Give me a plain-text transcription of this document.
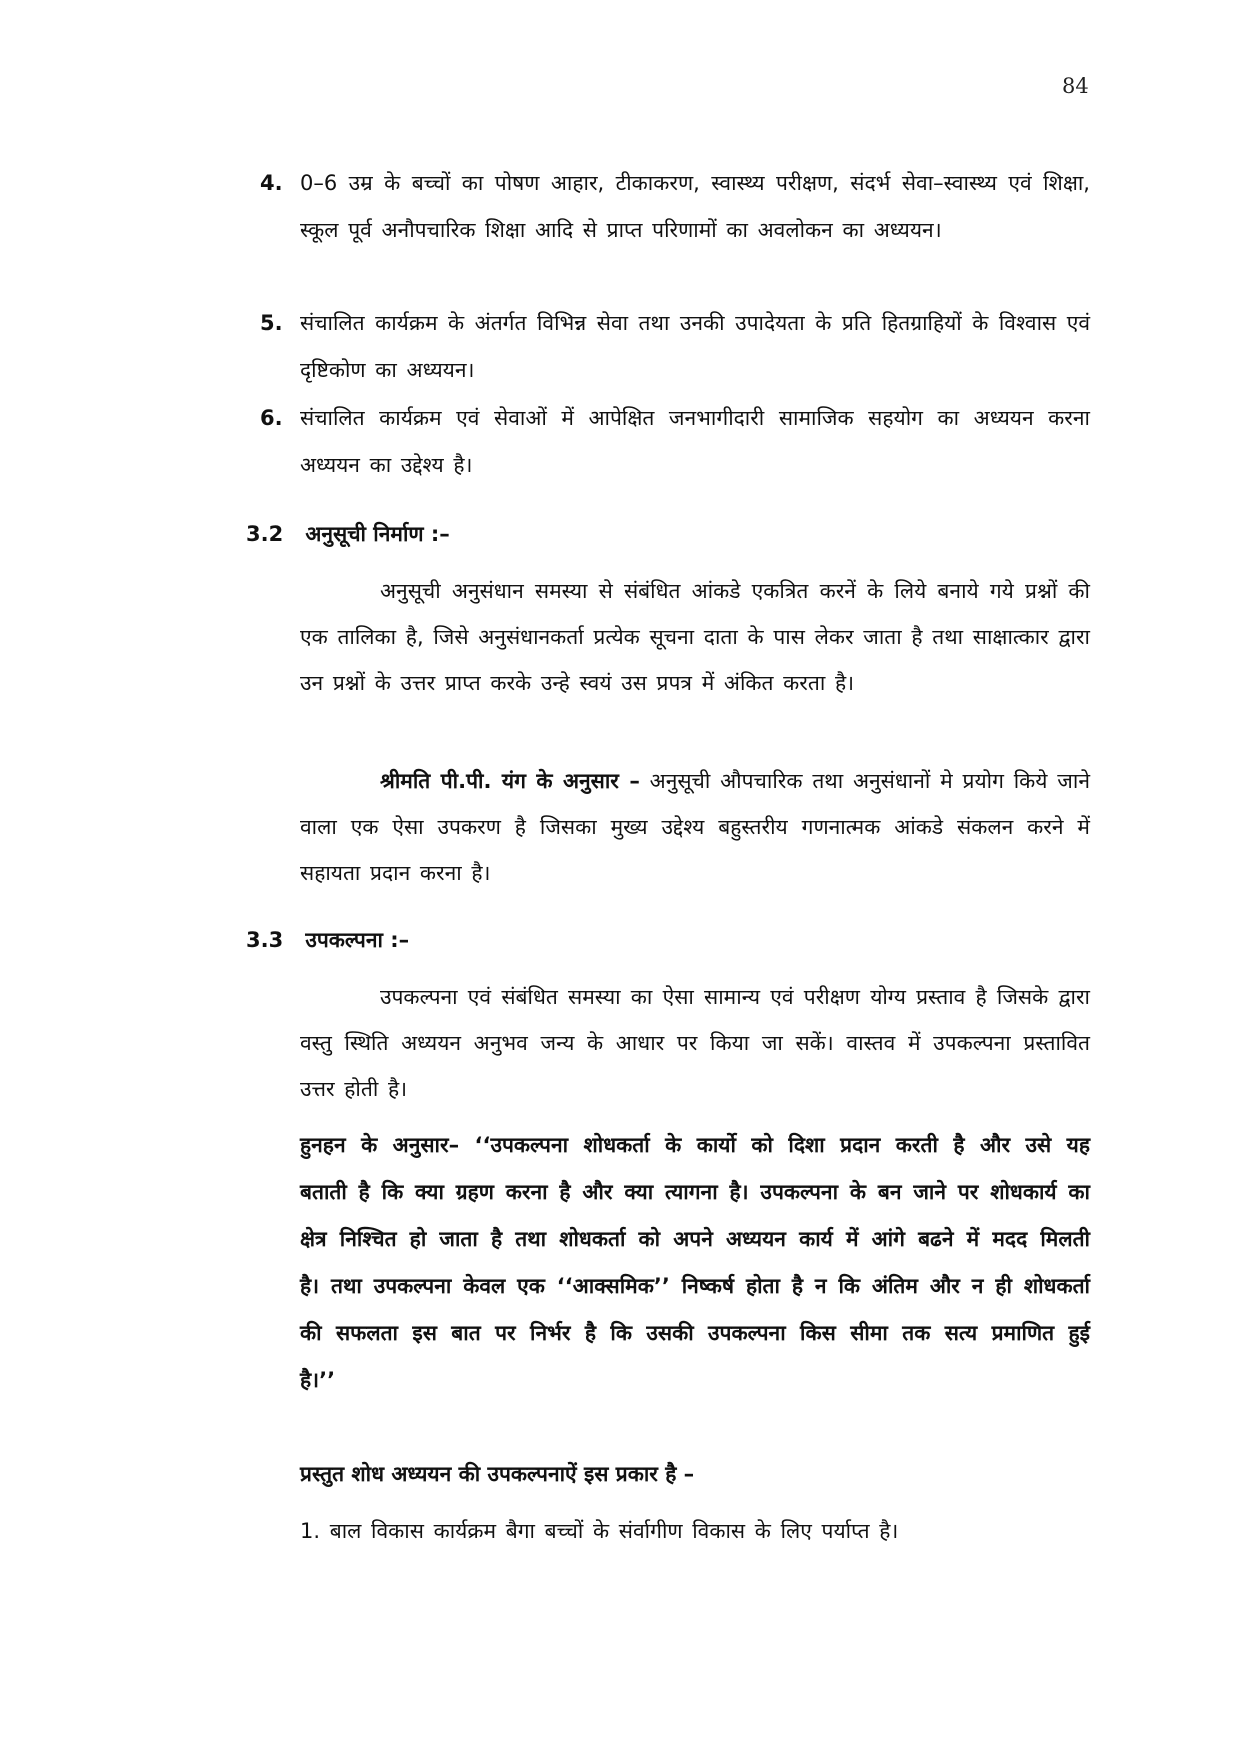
84
4. 0–6 उम्र के बच्चों का पोषण आहार, टीकाकरण, स्वास्थ्य परीक्षण, संदर्भ सेवा–स्वास्थ्य एवं शिक्षा, स्कूल पूर्व अनौपचारिक शिक्षा आदि से प्राप्त परिणामों का अवलोकन का अध्ययन।
5. संचालित कार्यक्रम के अंतर्गत विभिन्न सेवा तथा उनकी उपादेयता के प्रति हितग्राहियों के विश्वास एवं दृष्टिकोण का अध्ययन।
6. संचालित कार्यक्रम एवं सेवाओं में आपेक्षित जनभागीदारी सामाजिक सहयोग का अध्ययन करना अध्ययन का उद्देश्य है।
3.2 अनुसूची निर्माण :–
अनुसूची अनुसंधान समस्या से संबंधित आंकडे एकत्रित करनें के लिये बनाये गये प्रश्नों की एक तालिका है, जिसे अनुसंधानकर्ता प्रत्येक सूचना दाता के पास लेकर जाता है तथा साक्षात्कार द्वारा उन प्रश्नों के उत्तर प्राप्त करके उन्हे स्वयं उस प्रपत्र में अंकित करता है।
श्रीमति पी.पी. यंग के अनुसार – अनुसूची औपचारिक तथा अनुसंधानों मे प्रयोग किये जाने वाला एक ऐसा उपकरण है जिसका मुख्य उद्देश्य बहुस्तरीय गणनात्मक आंकडे संकलन करने में सहायता प्रदान करना है।
3.3 उपकल्पना :–
उपकल्पना एवं संबंधित समस्या का ऐसा सामान्य एवं परीक्षण योग्य प्रस्ताव है जिसके द्वारा वस्तु स्थिति अध्ययन अनुभव जन्य के आधार पर किया जा सकें। वास्तव में उपकल्पना प्रस्तावित उत्तर होती है।
हुनहन के अनुसार– ‘‘उपकल्पना शोधकर्ता के कार्यो को दिशा प्रदान करती है और उसे यह बताती है कि क्या ग्रहण करना है और क्या त्यागना है। उपकल्पना के बन जाने पर शोधकार्य का क्षेत्र निश्चित हो जाता है तथा शोधकर्ता को अपने अध्ययन कार्य में आंगे बढने में मदद मिलती है। तथा उपकल्पना केवल एक ‘‘आक्समिक’’ निष्कर्ष होता है न कि अंतिम और न ही शोधकर्ता की सफलता इस बात पर निर्भर है कि उसकी उपकल्पना किस सीमा तक सत्य प्रमाणित हुई है।’’
प्रस्तुत शोध अध्ययन की उपकल्पनाऐं इस प्रकार है –
1. बाल विकास कार्यक्रम बैगा बच्चों के संर्वागीण विकास के लिए पर्याप्त है।
